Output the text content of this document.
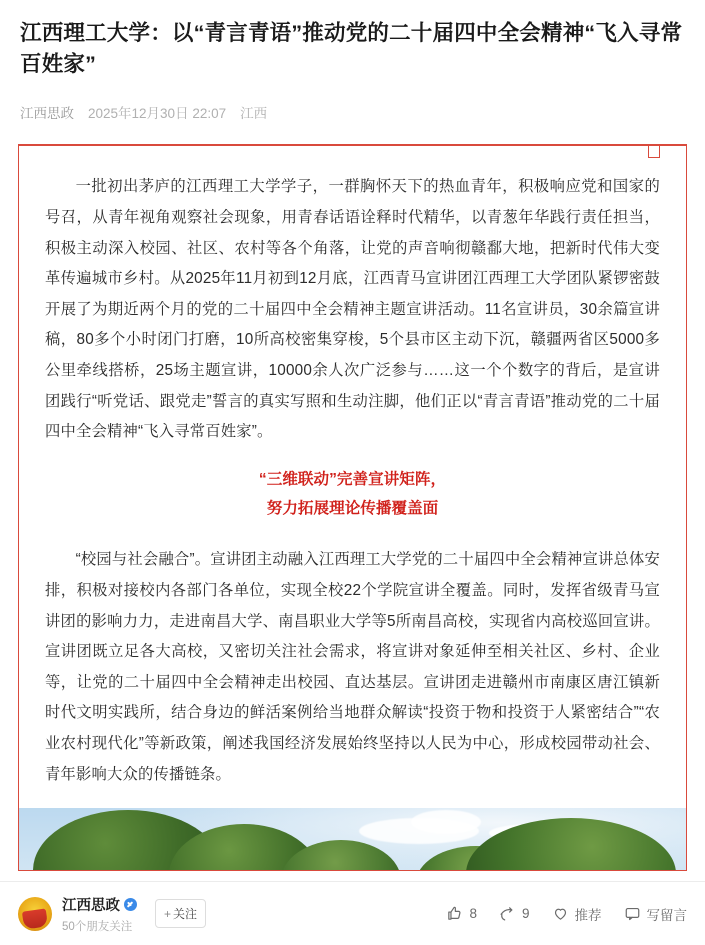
江西理工大学：以“青言青语”推动党的二十届四中全会精神“飞入寻常百姓家”
江西思政 2025年12月30日 22:07 江西

一批初出茅庐的江西理工大学学子，一群胸怀天下的热血青年，积极响应党和国家的号召，从青年视角观察社会现象，用青春话语诠释时代精华，以青葱年华践行责任担当，积极主动深入校园、社区、农村等各个角落，让党的声音响彻赣鄱大地，把新时代伟大变革传遍城市乡村。从2025年11月初到12月底，江西青马宣讲团江西理工大学团队紧锣密鼓开展了为期近两个月的党的二十届四中全会精神主题宣讲活动。11名宣讲员，30余篇宣讲稿，80多个小时闭门打磨，10所高校密集穿梭，5个县市区主动下沉，赣疆两省区5000多公里牵线搭桥，25场主题宣讲，10000余人次广泛参与……这一个个数字的背后，是宣讲团践行“听党话、跟党走”誓言的真实写照和生动注脚，他们正以“青言青语”推动党的二十届四中全会精神“飞入寻常百姓家”。

“三维联动”完善宣讲矩阵，
努力拓展理论传播覆盖面

“校园与社会融合”。宣讲团主动融入江西理工大学党的二十届四中全会精神宣讲总体安排，积极对接校内各部门各单位，实现全校22个学院宣讲全覆盖。同时，发挥省级青马宣讲团的影响力力，走进南昌大学、南昌职业大学等5所南昌高校，实现省内高校巡回宣讲。宣讲团既立足各大高校，又密切关注社会需求，将宣讲对象延伸至相关社区、乡村、企业等，让党的二十届四中全会精神走出校园、直达基层。宣讲团走进赣州市南康区唐江镇新时代文明实践所，结合身边的鲜活案例给当地群众解读“投资于物和投资于人紧密结合”“农业农村现代化”等新政策，阐述我国经济发展始终坚持以人民为中心，形成校园带动社会、青年影响大众的传播链条。

江西思政
50个朋友关注
+ 关注	8	9	推荐	写留言
